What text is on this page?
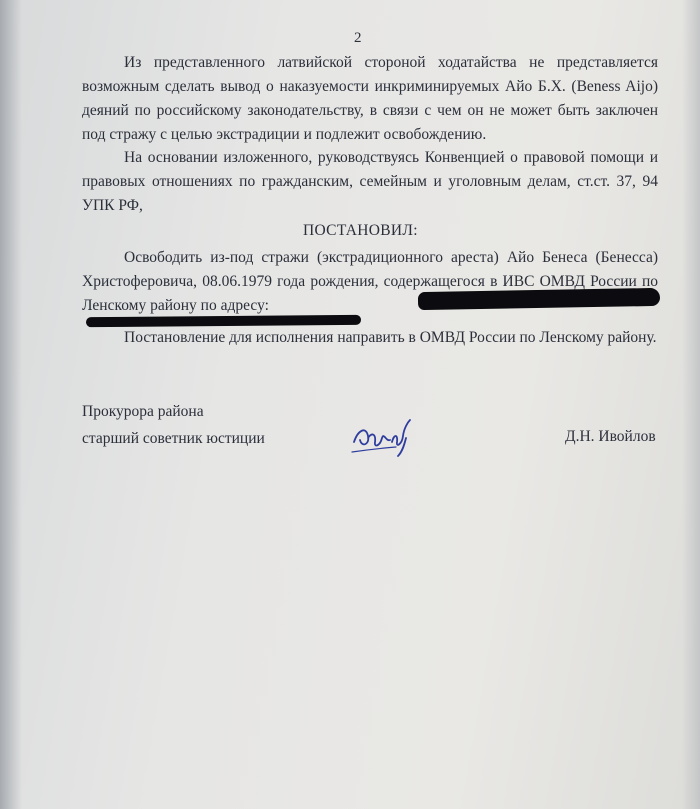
2

Из представленного латвийской стороной ходатайства не представляется возможным сделать вывод о наказуемости инкриминируемых Айо Б.Х. (Beness Aijo) деяний по российскому законодательству, в связи с чем он не может быть заключен под стражу с целью экстрадиции и подлежит освобождению.

На основании изложенного, руководствуясь Конвенцией о правовой помощи и правовых отношениях по гражданским, семейным и уголовным делам, ст.ст. 37, 94 УПК РФ,

ПОСТАНОВИЛ:

Освободить из-под стражи (экстрадиционного ареста) Айо Бенеса (Бенесса) Христоферовича, 08.06.1979 года рождения, содержащегося в ИВС ОМВД России по Ленскому району по адресу:

Постановление для исполнения направить в ОМВД России по Ленскому району.

Прокурора района
старший советник юстиции	Д.Н. Ивойлов
